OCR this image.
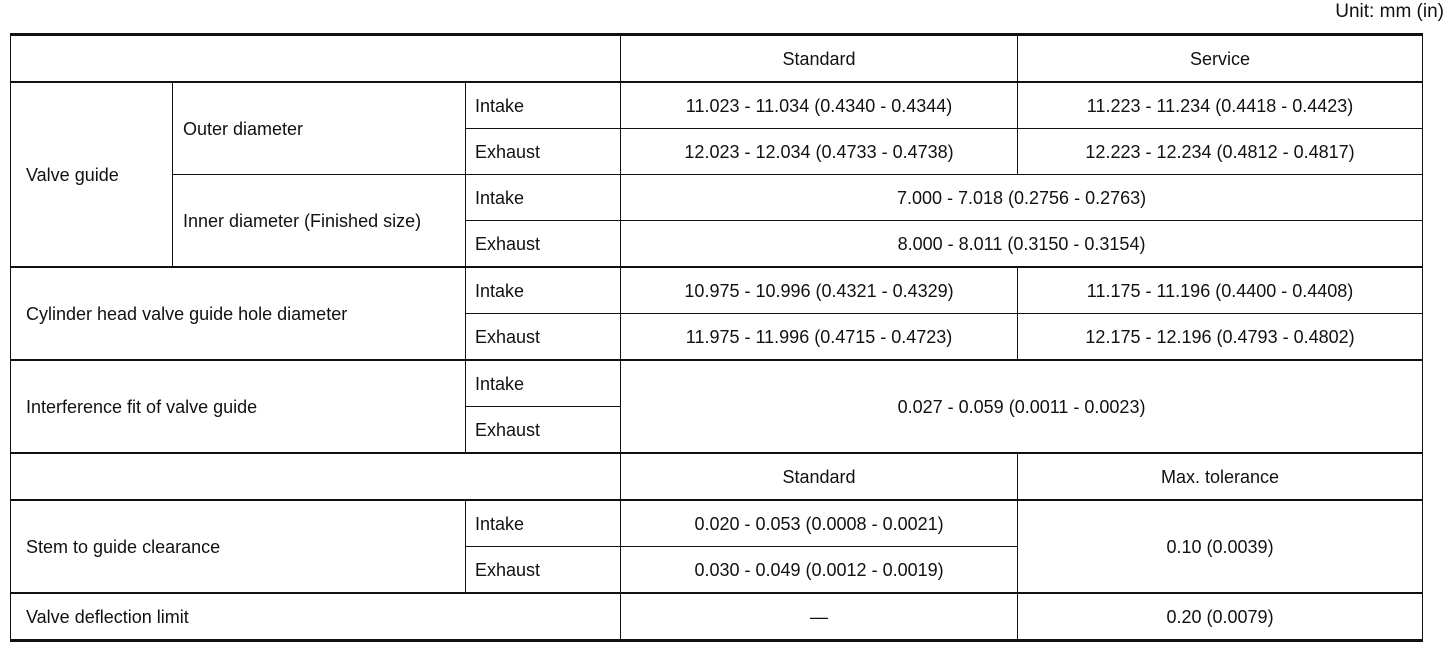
Unit: mm (in)
			Standard	Service
Valve guide	Outer diameter	Intake	11.023 - 11.034 (0.4340 - 0.4344)	11.223 - 11.234 (0.4418 - 0.4423)
		Exhaust	12.023 - 12.034 (0.4733 - 0.4738)	12.223 - 12.234 (0.4812 - 0.4817)
	Inner diameter (Finished size)	Intake	7.000 - 7.018 (0.2756 - 0.2763)	
		Exhaust	8.000 - 8.011 (0.3150 - 0.3154)	
Cylinder head valve guide hole diameter		Intake	10.975 - 10.996 (0.4321 - 0.4329)	11.175 - 11.196 (0.4400 - 0.4408)
		Exhaust	11.975 - 11.996 (0.4715 - 0.4723)	12.175 - 12.196 (0.4793 - 0.4802)
Interference fit of valve guide		Intake	0.027 - 0.059 (0.0011 - 0.0023)	
		Exhaust		
			Standard	Max. tolerance
Stem to guide clearance		Intake	0.020 - 0.053 (0.0008 - 0.0021)	0.10 (0.0039)
		Exhaust	0.030 - 0.049 (0.0012 - 0.0019)	
Valve deflection limit			—	0.20 (0.0079)
